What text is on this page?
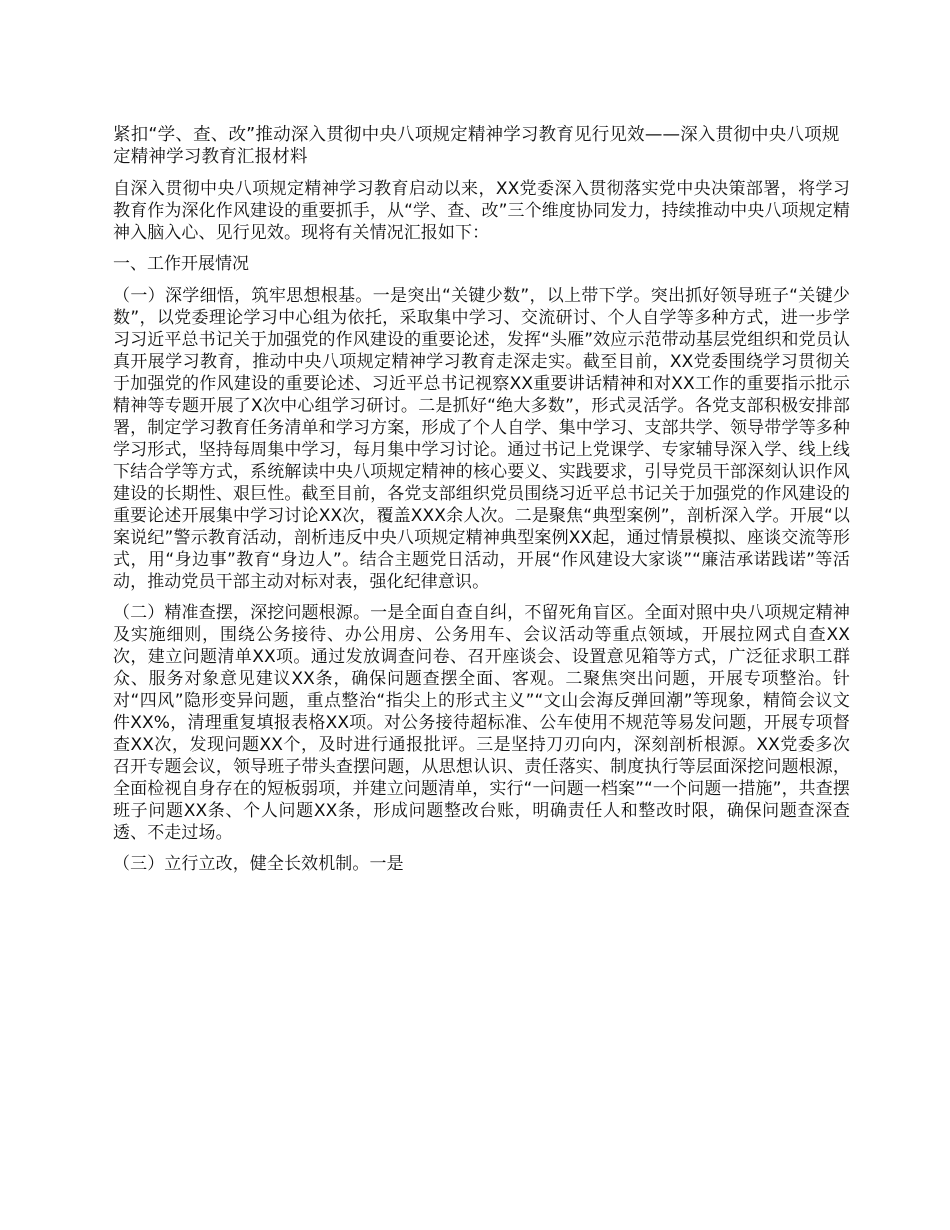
紧扣“学、查、改”推动深入贯彻中央八项规定精神学习教育见行见效——深入贯彻中央八项规定精神学习教育汇报材料

自深入贯彻中央八项规定精神学习教育启动以来，XX党委深入贯彻落实党中央决策部署，将学习教育作为深化作风建设的重要抓手，从“学、查、改”三个维度协同发力，持续推动中央八项规定精神入脑入心、见行见效。现将有关情况汇报如下：

一、工作开展情况

（一）深学细悟，筑牢思想根基。一是突出“关键少数”，以上带下学。突出抓好领导班子“关键少数”，以党委理论学习中心组为依托，采取集中学习、交流研讨、个人自学等多种方式，进一步学习习近平总书记关于加强党的作风建设的重要论述，发挥“头雁”效应示范带动基层党组织和党员认真开展学习教育，推动中央八项规定精神学习教育走深走实。截至目前，XX党委围绕学习贯彻关于加强党的作风建设的重要论述、习近平总书记视察XX重要讲话精神和对XX工作的重要指示批示精神等专题开展了X次中心组学习研讨。二是抓好“绝大多数”，形式灵活学。各党支部积极安排部署，制定学习教育任务清单和学习方案，形成了个人自学、集中学习、支部共学、领导带学等多种学习形式，坚持每周集中学习，每月集中学习讨论。通过书记上党课学、专家辅导深入学、线上线下结合学等方式，系统解读中央八项规定精神的核心要义、实践要求，引导党员干部深刻认识作风建设的长期性、艰巨性。截至目前，各党支部组织党员围绕习近平总书记关于加强党的作风建设的重要论述开展集中学习讨论XX次，覆盖XXX余人次。二是聚焦“典型案例”，剖析深入学。开展“以案说纪”警示教育活动，剖析违反中央八项规定精神典型案例XX起，通过情景模拟、座谈交流等形式，用“身边事”教育“身边人”。结合主题党日活动，开展“作风建设大家谈”“廉洁承诺践诺”等活动，推动党员干部主动对标对表，强化纪律意识。

（二）精准查摆，深挖问题根源。一是全面自查自纠，不留死角盲区。全面对照中央八项规定精神及实施细则，围绕公务接待、办公用房、公务用车、会议活动等重点领域，开展拉网式自查XX次，建立问题清单XX项。通过发放调查问卷、召开座谈会、设置意见箱等方式，广泛征求职工群众、服务对象意见建议XX条，确保问题查摆全面、客观。二聚焦突出问题，开展专项整治。针对“四风”隐形变异问题，重点整治“指尖上的形式主义”“文山会海反弹回潮”等现象，精简会议文件XX%，清理重复填报表格XX项。对公务接待超标准、公车使用不规范等易发问题，开展专项督查XX次，发现问题XX个，及时进行通报批评。三是坚持刀刃向内，深刻剖析根源。XX党委多次召开专题会议，领导班子带头查摆问题，从思想认识、责任落实、制度执行等层面深挖问题根源，全面检视自身存在的短板弱项，并建立问题清单，实行“一问题一档案”“一个问题一措施”，共查摆班子问题XX条、个人问题XX条，形成问题整改台账，明确责任人和整改时限，确保问题查深查透、不走过场。

（三）立行立改，健全长效机制。一是
